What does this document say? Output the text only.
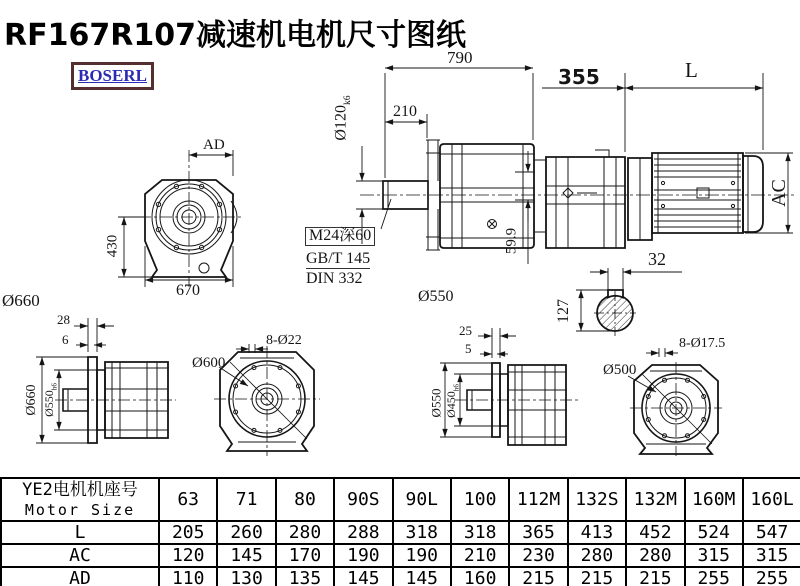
RF167R107减速机电机尺寸图纸
BOSERL
790
210
$Ø120_{k6}$
M24深60
GB/T 145
DIN 332
59.9
Ø550
355	L
AC
AD
430
670
32
127
Ø660
28
6
Ø660 $Ø550_{h6}$
8-Ø22
Ø600
25
5
Ø550 $Ø450_{h6}$
8-Ø17.5
Ø500
YE2电机机座号
Motor Size	63	71	80	90S	90L	100	112M	132S	132M	160M	160L
L	205	260	280	288	318	318	365	413	452	524	547
AC	120	145	170	190	190	210	230	280	280	315	315
AD	110	130	135	145	145	160	215	215	215	255	255
